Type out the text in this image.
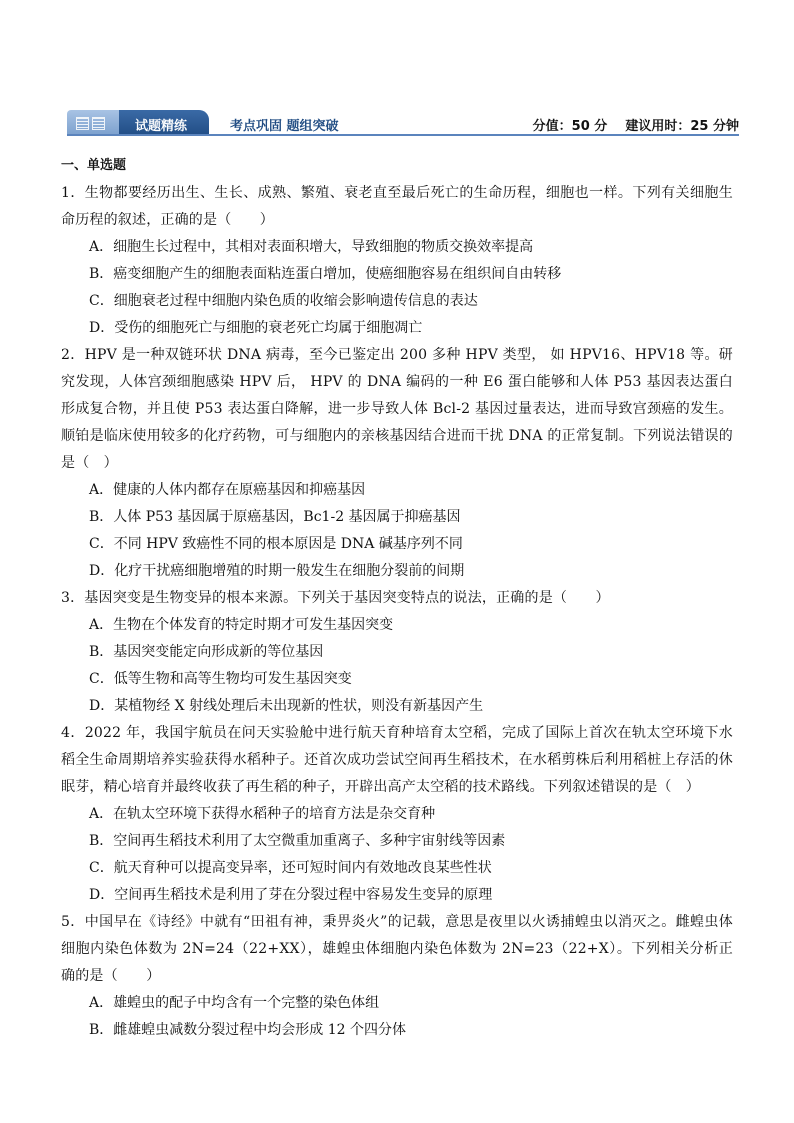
试题精练	考点巩固 题组突破	分值：50 分    建议用时：25 分钟
一、单选题
1．生物都要经历出生、生长、成熟、繁殖、衰老直至最后死亡的生命历程，细胞也一样。下列有关细胞生命历程的叙述，正确的是（　　）
A．细胞生长过程中，其相对表面积增大，导致细胞的物质交换效率提高
B．癌变细胞产生的细胞表面粘连蛋白增加，使癌细胞容易在组织间自由转移
C．细胞衰老过程中细胞内染色质的收缩会影响遗传信息的表达
D．受伤的细胞死亡与细胞的衰老死亡均属于细胞凋亡
2．HPV 是一种双链环状 DNA 病毒，至今已鉴定出 200 多种 HPV 类型， 如 HPV16、HPV18 等。研究发现，人体宫颈细胞感染 HPV 后， HPV 的 DNA 编码的一种 E6 蛋白能够和人体 P53 基因表达蛋白形成复合物，并且使 P53 表达蛋白降解，进一步导致人体 Bcl-2 基因过量表达，进而导致宫颈癌的发生。顺铂是临床使用较多的化疗药物，可与细胞内的亲核基因结合进而干扰 DNA 的正常复制。下列说法错误的是（　）
A．健康的人体内都存在原癌基因和抑癌基因
B．人体 P53 基因属于原癌基因，Bc1-2 基因属于抑癌基因
C．不同 HPV 致癌性不同的根本原因是 DNA 碱基序列不同
D．化疗干扰癌细胞增殖的时期一般发生在细胞分裂前的间期
3．基因突变是生物变异的根本来源。下列关于基因突变特点的说法，正确的是（　　）
A．生物在个体发育的特定时期才可发生基因突变
B．基因突变能定向形成新的等位基因
C．低等生物和高等生物均可发生基因突变
D．某植物经 X 射线处理后未出现新的性状，则没有新基因产生
4．2022 年，我国宇航员在问天实验舱中进行航天育种培育太空稻，完成了国际上首次在轨太空环境下水稻全生命周期培养实验获得水稻种子。还首次成功尝试空间再生稻技术，在水稻剪株后利用稻桩上存活的休眠芽，精心培育并最终收获了再生稻的种子，开辟出高产太空稻的技术路线。下列叙述错误的是（　）
A．在轨太空环境下获得水稻种子的培育方法是杂交育种
B．空间再生稻技术利用了太空微重加重离子、多种宇宙射线等因素
C．航天育种可以提高变异率，还可短时间内有效地改良某些性状
D．空间再生稻技术是利用了芽在分裂过程中容易发生变异的原理
5．中国早在《诗经》中就有“田祖有神，秉畀炎火”的记载，意思是夜里以火诱捕蝗虫以消灭之。雌蝗虫体细胞内染色体数为 2N=24（22+XX），雄蝗虫体细胞内染色体数为 2N=23（22+X）。下列相关分析正确的是（　　）
A．雄蝗虫的配子中均含有一个完整的染色体组
B．雌雄蝗虫减数分裂过程中均会形成 12 个四分体
